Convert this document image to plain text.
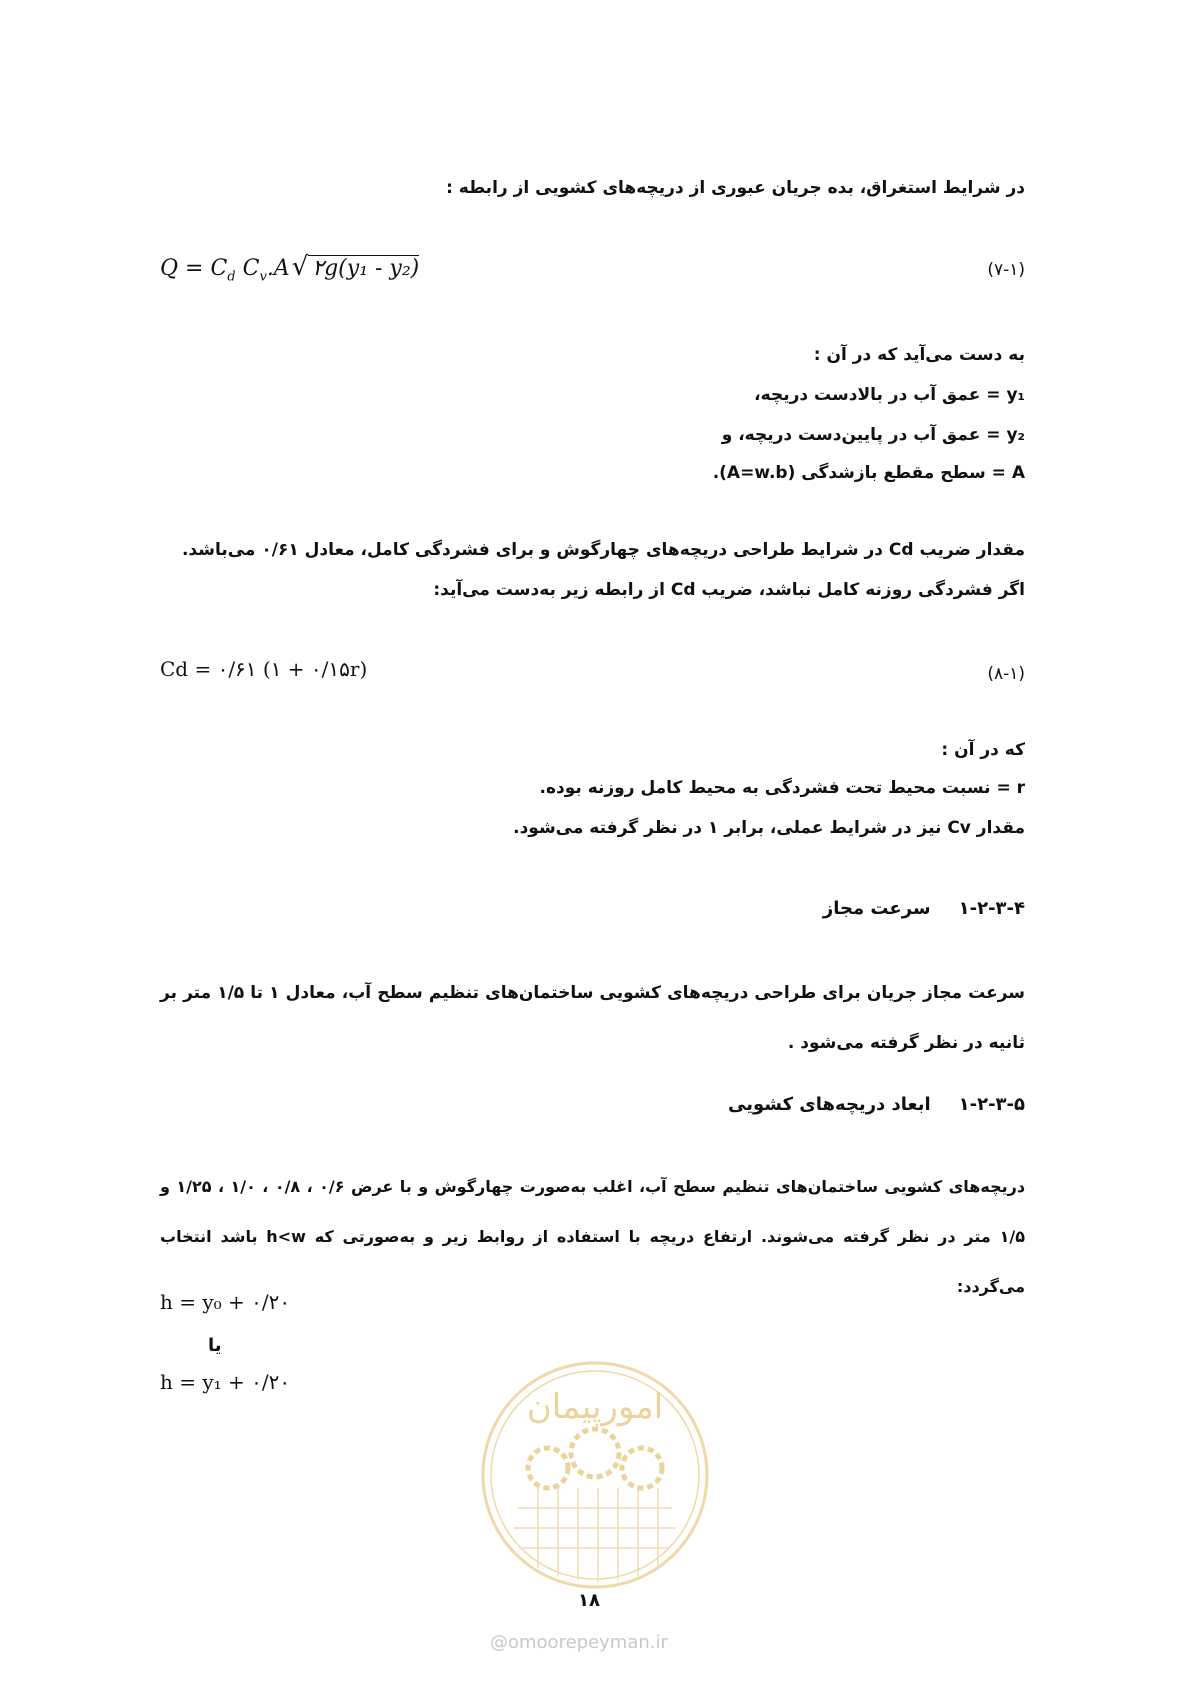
در شرایط استغراق، بده جریان عبوری از دریچه‌های کشویی از رابطه :
$Q = C_d$ $C_v.A√$ ۲g(y₁ - y₂)	(۷-۱)
به دست می‌آید که در آن :
y₁ = عمق آب در بالادست دریچه،
y₂ = عمق آب در پایین‌دست دریچه، و
A = سطح مقطع بازشدگی (A=w.b).
مقدار ضریب Cd در شرایط طراحی دریچه‌های چهارگوش و برای فشردگی کامل، معادل ۰/۶۱ می‌باشد.
اگر فشردگی روزنه کامل نباشد، ضریب Cd از رابطه زیر به‌دست می‌آید:
Cd = ۰/۶۱ (۱ + ۰/۱۵r)	(۸-۱)
که در آن :
r = نسبت محیط تحت فشردگی به محیط کامل روزنه بوده.
مقدار Cv نیز در شرایط عملی، برابر ۱ در نظر گرفته می‌شود.
۱-۲-۳-۴سرعت مجاز
سرعت مجاز جریان برای طراحی دریچه‌های کشویی ساختمان‌های تنظیم سطح آب، معادل ۱ تا ۱/۵ متر بر ثانیه در نظر گرفته می‌شود .
۱-۲-۳-۵ابعاد دریچه‌های کشویی
دریچه‌های کشویی ساختمان‌های تنظیم سطح آب، اغلب به‌صورت چهارگوش و با عرض ۰/۶ ، ۰/۸ ، ۱/۰ ، ۱/۲۵ و ۱/۵ متر در نظر گرفته می‌شوند. ارتفاع دریچه با استفاده از روابط زیر و به‌صورتی که h<w باشد انتخاب می‌گردد:
h = y₀ + ۰/۲۰
یا
h = y₁ + ۰/۲۰
امورپیمان
@omoorepeyman.ir
۱۸
